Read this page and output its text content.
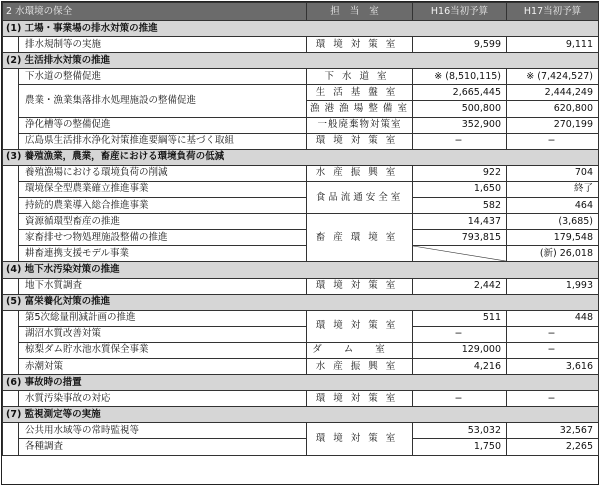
2 水環境の保全		担当室	H16当初予算	H17当初予算
(1) 工場・事業場の排水対策の推進				
	排水規制等の実施	環境対策室	9,599	9,111
(2) 生活排水対策の推進				
	下水道の整備促進	下水道室	※ (8,510,115)	※ (7,424,527)
	農業・漁業集落排水処理施設の整備促進	生活基盤室	2,665,445	2,444,249
		漁港漁場整備室	500,800	620,800
	浄化槽等の整備促進	一般廃棄物対策室	352,900	270,199
	広島県生活排水浄化対策推進要綱等に基づく取組	環境対策室	−	−
(3) 養殖漁業，農業，畜産における環境負荷の低減				
	養殖漁場における環境負荷の削減	水産振興室	922	704
	環境保全型農業確立推進事業	食品流通安全室	1,650	終了
	持続的農業導入総合推進事業		582	464
	資源循環型畜産の推進	畜産環境室	14,437	(3,685)
	家畜排せつ物処理施設整備の推進		793,815	179,548
	耕畜連携支援モデル事業			(新) 26,018
(4) 地下水汚染対策の推進				
	地下水質調査	環境対策室	2,442	1,993
(5) 富栄養化対策の推進				
	第5次総量削減計画の推進	環境対策室	511	448
	湖沼水質改善対策		−	−
	椋梨ダム貯水池水質保全事業	ダム室	129,000	−
	赤潮対策	水産振興室	4,216	3,616
(6) 事故時の措置				
	水質汚染事故の対応	環境対策室	−	−
(7) 監視測定等の実施				
	公共用水域等の常時監視等	環境対策室	53,032	32,567
	各種調査		1,750	2,265
